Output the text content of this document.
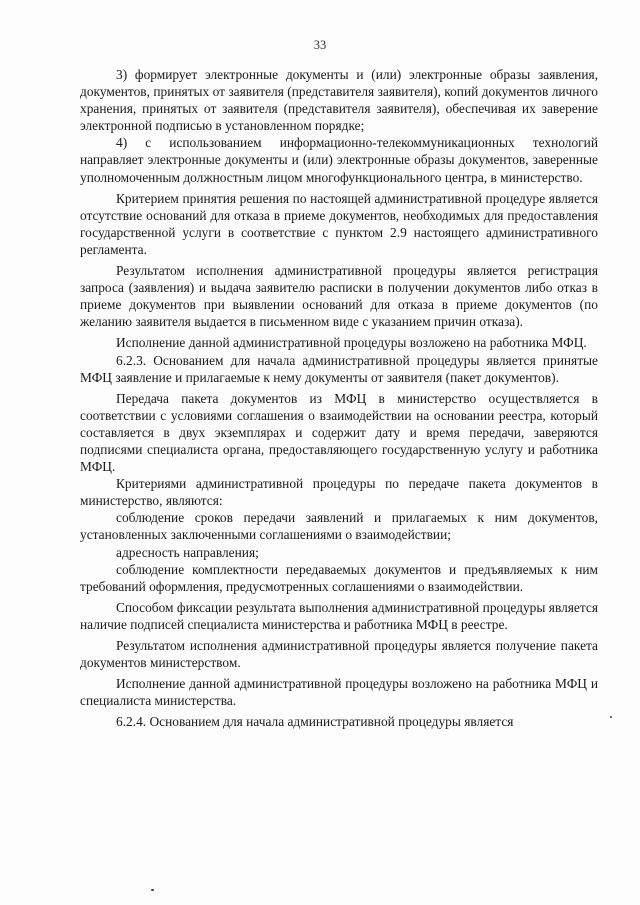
33

3) формирует электронные документы и (или) электронные образы заявления, документов, принятых от заявителя (представителя заявителя), копий документов личного хранения, принятых от заявителя (представителя заявителя), обеспечивая их заверение электронной подписью в установленном порядке;

4) с использованием информационно-телекоммуникационных технологий направляет электронные документы и (или) электронные образы документов, заверенные уполномоченным должностным лицом многофункционального центра, в министерство.

Критерием принятия решения по настоящей административной процедуре является отсутствие оснований для отказа в приеме документов, необходимых для предоставления государственной услуги в соответствие с пунктом 2.9 настоящего административного регламента.

Результатом исполнения административной процедуры является регистрация запроса (заявления) и выдача заявителю расписки в получении документов либо отказ в приеме документов при выявлении оснований для отказа в приеме документов (по желанию заявителя выдается в письменном виде с указанием причин отказа).

Исполнение данной административной процедуры возложено на работника МФЦ.

6.2.3. Основанием для начала административной процедуры является принятые МФЦ заявление и прилагаемые к нему документы от заявителя (пакет документов).

Передача пакета документов из МФЦ в министерство осуществляется в соответствии с условиями соглашения о взаимодействии на основании реестра, который составляется в двух экземплярах и содержит дату и время передачи, заверяются подписями специалиста органа, предоставляющего государственную услугу и работника МФЦ.

Критериями административной процедуры по передаче пакета документов в министерство, являются:

соблюдение сроков передачи заявлений и прилагаемых к ним документов, установленных заключенными соглашениями о взаимодействии;

адресность направления;

соблюдение комплектности передаваемых документов и предъявляемых к ним требований оформления, предусмотренных соглашениями о взаимодействии.

Способом фиксации результата выполнения административной процедуры является наличие подписей специалиста министерства и работника МФЦ в реестре.

Результатом исполнения административной процедуры является получение пакета документов министерством.

Исполнение данной административной процедуры возложено на работника МФЦ и специалиста министерства.

6.2.4. Основанием для начала административной процедуры является
